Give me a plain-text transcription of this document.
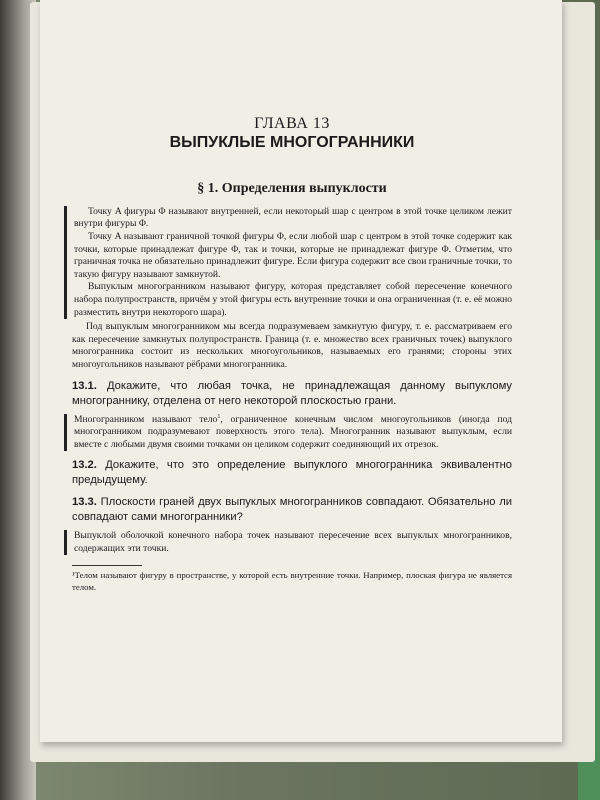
ГЛАВА 13
ВЫПУКЛЫЕ МНОГОГРАННИКИ
§ 1. Определения выпуклости

Точку A фигуры Φ называют внутренней, если некоторый шар с центром в этой точке целиком лежит внутри фигуры Φ.

Точку A называют граничной точкой фигуры Φ, если любой шар с центром в этой точке содержит как точки, которые принадлежат фигуре Φ, так и точки, которые не принадлежат фигуре Φ. Отметим, что граничная точка не обязательно принадлежит фигуре. Если фигура содержит все свои граничные точки, то такую фигуру называют замкнутой.

Выпуклым многогранником называют фигуру, которая представляет собой пересечение конечного набора полупространств, причём у этой фигуры есть внутренние точки и она ограниченная (т. е. её можно разместить внутри некоторого шара).

Под выпуклым многогранником мы всегда подразумеваем замкнутую фигуру, т. е. рассматриваем его как пересечение замкнутых полупространств. Граница (т. е. множество всех граничных точек) выпуклого многогранника состоит из нескольких многоугольников, называемых его гранями; стороны этих многоугольников называют рёбрами многогранника.

13.1. Докажите, что любая точка, не принадлежащая данному выпуклому многограннику, отделена от него некоторой плоскостью грани.

Многогранником называют тело$^1$, ограниченное конечным числом многоугольников (иногда под многогранником подразумевают поверхность этого тела). Многогранник называют выпуклым, если вместе с любыми двумя своими точками он целиком содержит соединяющий их отрезок.

13.2. Докажите, что это определение выпуклого многогранника эквивалентно предыдущему.
13.3. Плоскости граней двух выпуклых многогранников совпадают. Обязательно ли совпадают сами многогранники?

Выпуклой оболочкой конечного набора точек называют пересечение всех выпуклых многогранников, содержащих эти точки.

¹Телом называют фигуру в пространстве, у которой есть внутренние точки. Например, плоская фигура не является телом.
